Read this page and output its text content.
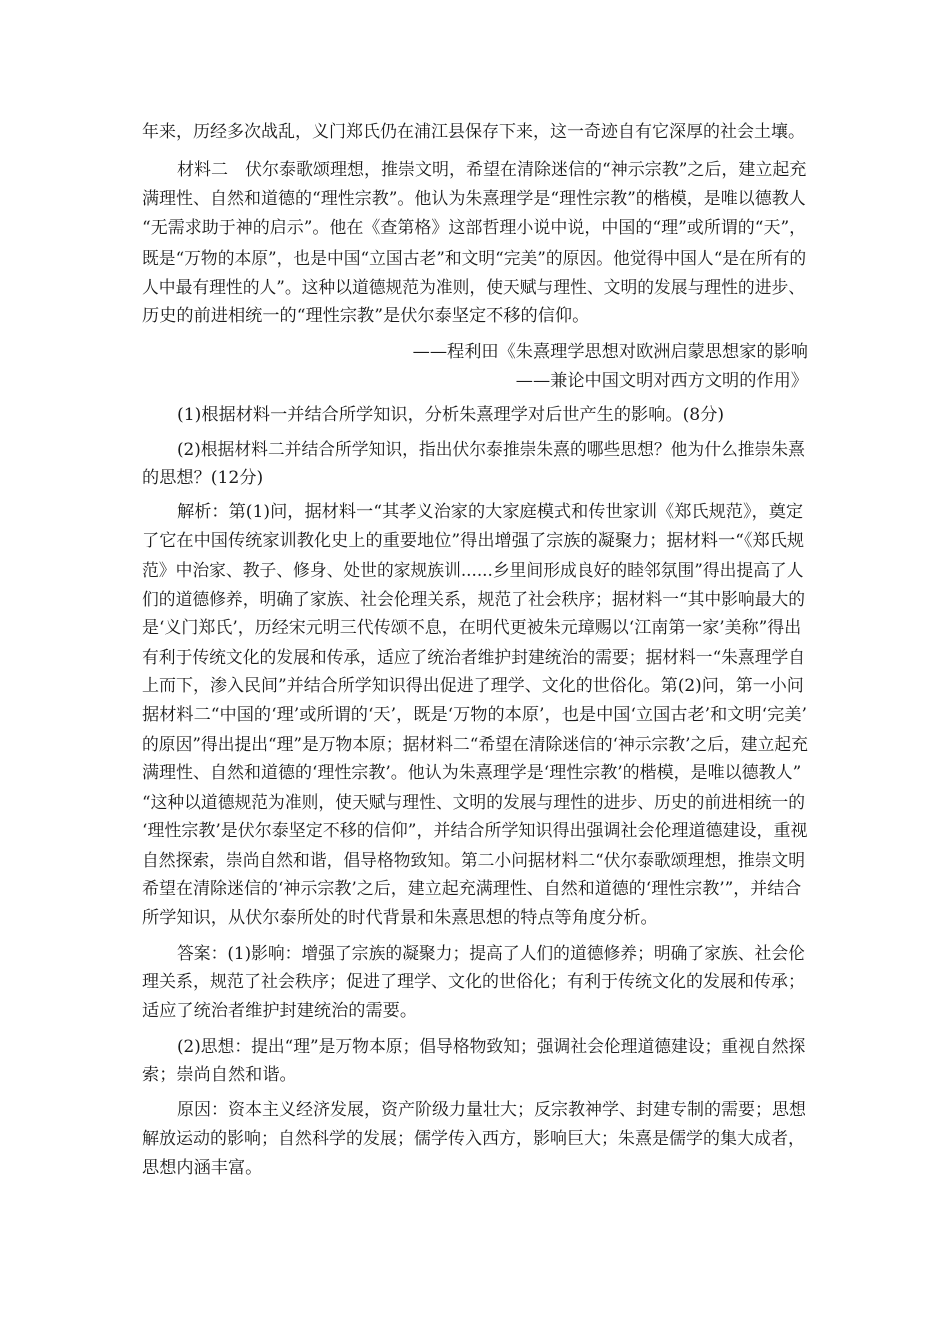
年来，历经多次战乱，义门郑氏仍在浦江县保存下来，这一奇迹自有它深厚的社会土壤。
材料二　伏尔泰歌颂理想，推崇文明，希望在清除迷信的“神示宗教”之后，建立起充
满理性、自然和道德的“理性宗教”。他认为朱熹理学是“理性宗教”的楷模，是唯以德教人
“无需求助于神的启示”。他在《查第格》这部哲理小说中说，中国的“理”或所谓的“天”，
既是“万物的本原”，也是中国“立国古老”和文明“完美”的原因。他觉得中国人“是在所有的
人中最有理性的人”。这种以道德规范为准则，使天赋与理性、文明的发展与理性的进步、
历史的前进相统一的“理性宗教”是伏尔泰坚定不移的信仰。
——程利田《朱熹理学思想对欧洲启蒙思想家的影响
——兼论中国文明对西方文明的作用》
(1)根据材料一并结合所学知识，分析朱熹理学对后世产生的影响。(8分)
(2)根据材料二并结合所学知识，指出伏尔泰推崇朱熹的哪些思想？他为什么推崇朱熹
的思想？(12分)
解析：第(1)问，据材料一“其孝义治家的大家庭模式和传世家训《郑氏规范》，奠定
了它在中国传统家训教化史上的重要地位”得出增强了宗族的凝聚力；据材料一“《郑氏规
范》中治家、教子、修身、处世的家规族训......乡里间形成良好的睦邻氛围”得出提高了人
们的道德修养，明确了家族、社会伦理关系，规范了社会秩序；据材料一“其中影响最大的
是‘义门郑氏’，历经宋元明三代传颂不息，在明代更被朱元璋赐以‘江南第一家’美称”得出
有利于传统文化的发展和传承，适应了统治者维护封建统治的需要；据材料一“朱熹理学自
上而下，渗入民间”并结合所学知识得出促进了理学、文化的世俗化。第(2)问，第一小问
据材料二“中国的‘理’或所谓的‘天’，既是‘万物的本原’，也是中国‘立国古老’和文明‘完美’
的原因”得出提出“理”是万物本原；据材料二“希望在清除迷信的‘神示宗教’之后，建立起充
满理性、自然和道德的‘理性宗教’。他认为朱熹理学是‘理性宗教’的楷模，是唯以德教人”
“这种以道德规范为准则，使天赋与理性、文明的发展与理性的进步、历史的前进相统一的
‘理性宗教’是伏尔泰坚定不移的信仰”，并结合所学知识得出强调社会伦理道德建设，重视
自然探索，崇尚自然和谐，倡导格物致知。第二小问据材料二“伏尔泰歌颂理想，推崇文明
希望在清除迷信的‘神示宗教’之后，建立起充满理性、自然和道德的‘理性宗教’”，并结合
所学知识，从伏尔泰所处的时代背景和朱熹思想的特点等角度分析。
答案：(1)影响：增强了宗族的凝聚力；提高了人们的道德修养；明确了家族、社会伦
理关系，规范了社会秩序；促进了理学、文化的世俗化；有利于传统文化的发展和传承；
适应了统治者维护封建统治的需要。
(2)思想：提出“理”是万物本原；倡导格物致知；强调社会伦理道德建设；重视自然探
索；崇尚自然和谐。
原因：资本主义经济发展，资产阶级力量壮大；反宗教神学、封建专制的需要；思想
解放运动的影响；自然科学的发展；儒学传入西方，影响巨大；朱熹是儒学的集大成者，
思想内涵丰富。
